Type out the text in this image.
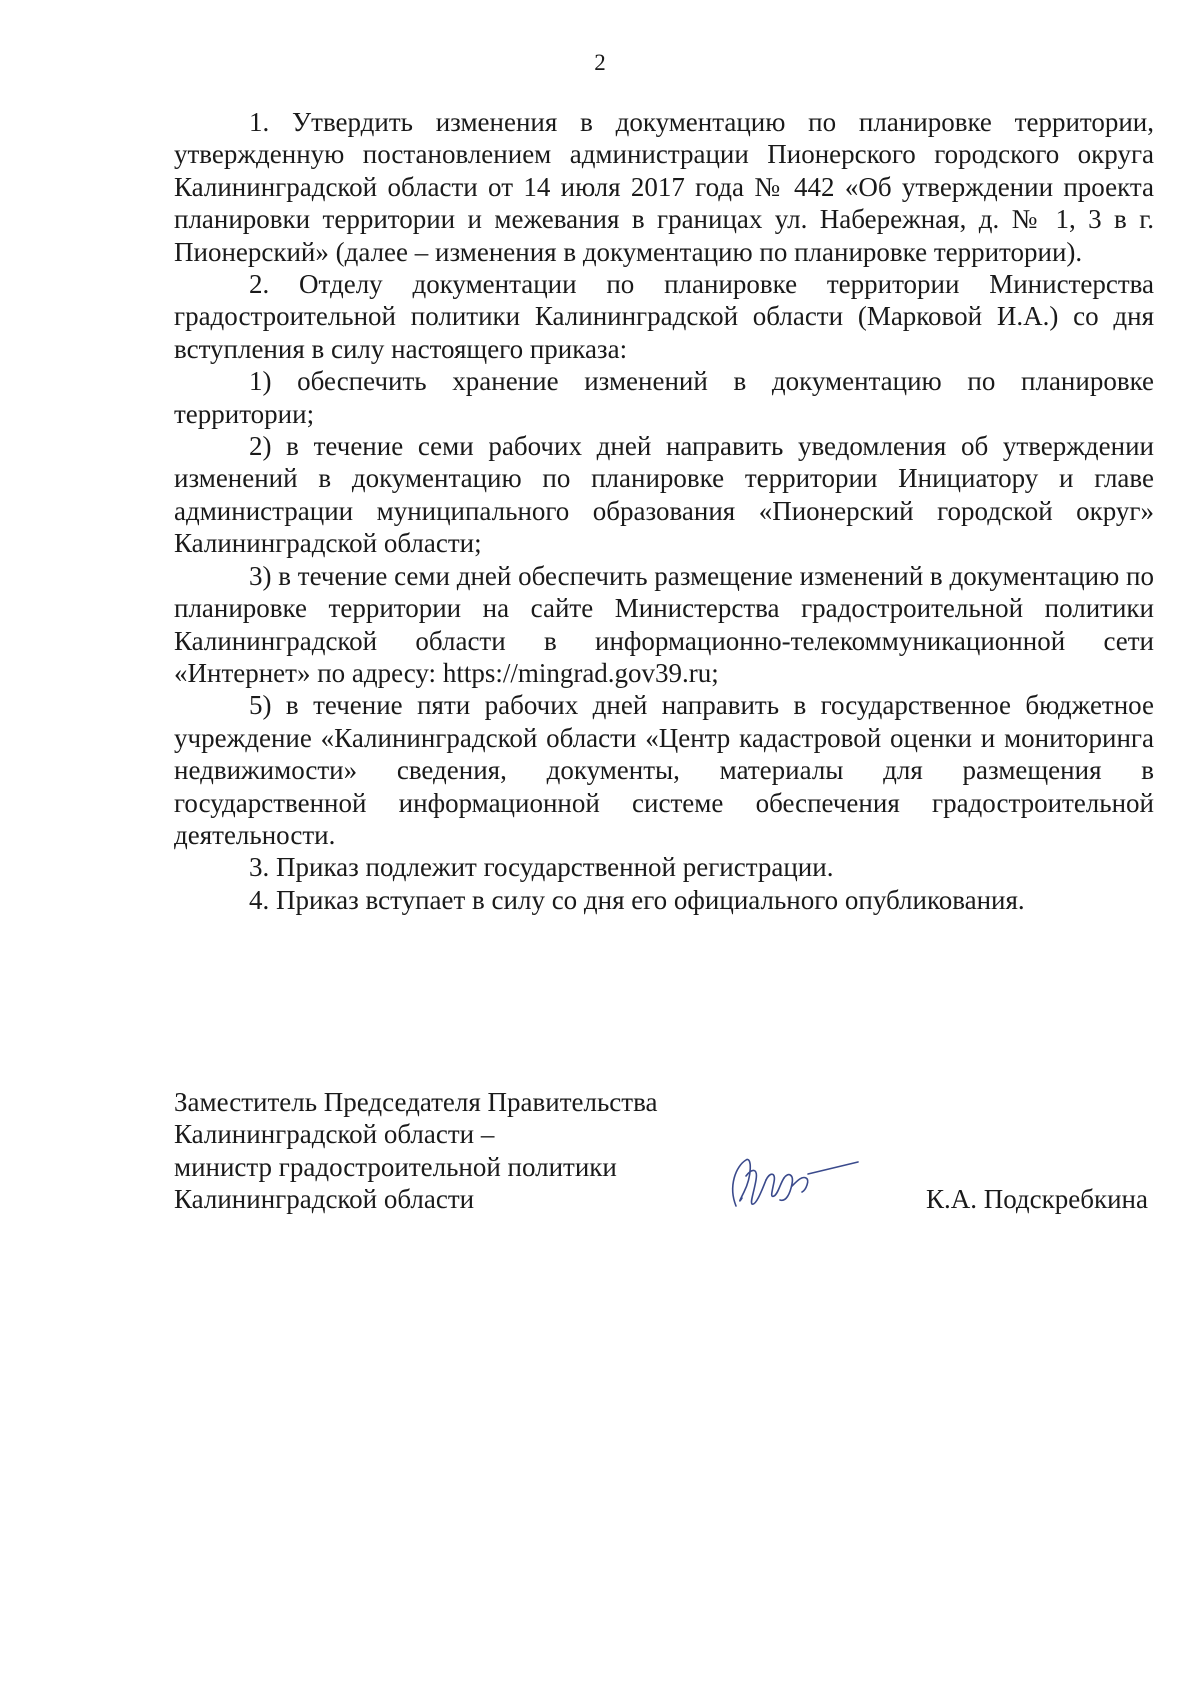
2

1. Утвердить изменения в документацию по планировке территории, утвержденную постановлением администрации Пионерского городского округа Калининградской области от 14 июля 2017 года № 442 «Об утверждении проекта планировки территории и межевания в границах ул. Набережная, д. № 1, 3 в г. Пионерский» (далее – изменения в документацию по планировке территории).

2. Отделу документации по планировке территории Министерства градостроительной политики Калининградской области (Марковой И.А.) со дня вступления в силу настоящего приказа:

1) обеспечить хранение изменений в документацию по планировке территории;

2) в течение семи рабочих дней направить уведомления об утверждении изменений в документацию по планировке территории Инициатору и главе администрации муниципального образования «Пионерский городской округ» Калининградской области;

3) в течение семи дней обеспечить размещение изменений в документацию по планировке территории на сайте Министерства градостроительной политики Калининградской области в информационно-телекоммуникационной сети «Интернет» по адресу: https://mingrad.gov39.ru;

5) в течение пяти рабочих дней направить в государственное бюджетное учреждение «Калининградской области «Центр кадастровой оценки и мониторинга недвижимости» сведения, документы, материалы для размещения в государственной информационной системе обеспечения градостроительной деятельности.

3. Приказ подлежит государственной регистрации.

4. Приказ вступает в силу со дня его официального опубликования.

Заместитель Председателя Правительства

Калининградской области –

министр градостроительной политики

Калининградской области	К.А. Подскребкина
